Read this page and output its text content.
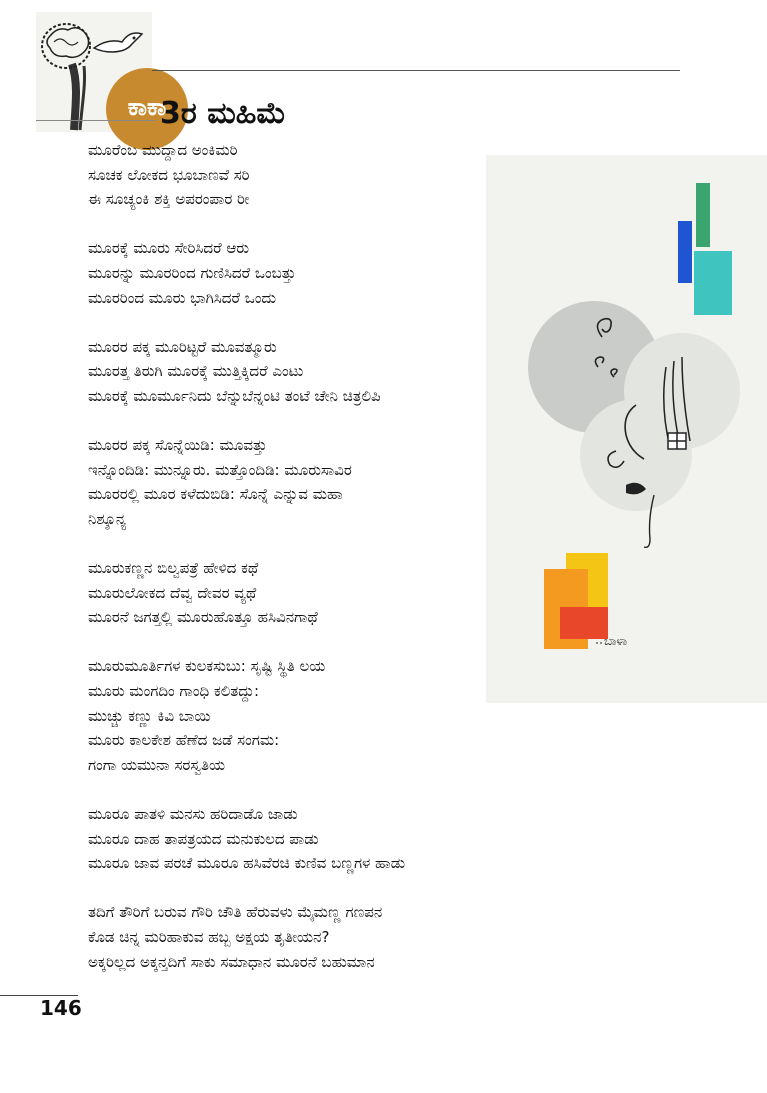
ಕಾಕಾ
3ರ ಮಹಿಮೆ
ಮೂರೆಂಬ ಮುದ್ದಾದ ಅಂಕಿಮರಿ
ಸೂಚಕ ಲೋಕದ ಭೂಬಾಣವೆ ಸರಿ
ಈ ಸೂಚ್ಯಂಕಿ ಶಕ್ತಿ ಅಪರಂಪಾರ ರೀ
ಮೂರಕ್ಕೆ ಮೂರು ಸೇರಿಸಿದರೆ ಆರು
ಮೂರನ್ನು ಮೂರರಿಂದ ಗುಣಿಸಿದರೆ ಒಂಬತ್ತು
ಮೂರರಿಂದ ಮೂರು ಭಾಗಿಸಿದರೆ ಒಂದು
ಮೂರರ ಪಕ್ಕ ಮೂರಿಟ್ಟರೆ ಮೂವತ್ಮೂರು
ಮೂರತ್ತ ತಿರುಗಿ ಮೂರಕ್ಕೆ ಮುತ್ತಿಕ್ಕಿದರೆ ಎಂಟು
ಮೂರಕ್ಕೆ ಮೂರ್ಮೂನಿದು ಬೆನ್ನುಬೆನ್ನಂಟಿ ತಂಟೆ ಚೇನಿ ಚಿತ್ರಲಿಪಿ
ಮೂರರ ಪಕ್ಕ ಸೊನ್ನೆಯಿಡಿ: ಮೂವತ್ತು
ಇನ್ನೊಂದಿಡಿ: ಮುನ್ನೂರು. ಮತ್ತೊಂದಿಡಿ: ಮೂರುಸಾವಿರ
ಮೂರರಲ್ಲಿ ಮೂರ ಕಳೆದುಬಿಡಿ: ಸೊನ್ನೆ ಎನ್ನುವ ಮಹಾ
ನಿಶ್ಶೂನ್ಯ
ಮೂರುಕಣ್ಣನ ಬಿಲ್ವಪತ್ರೆ ಹೇಳಿದ ಕಥೆ
ಮೂರುಲೋಕದ ದೆವ್ವ ದೇವರ ವ್ಯಥೆ
ಮೂರನೆ ಜಗತ್ತಲ್ಲಿ ಮೂರುಹೊತ್ತೂ ಹಸಿವಿನಗಾಥೆ
ಮೂರುಮೂರ್ತಿಗಳ ಕುಲಕಸುಬು: ಸೃಷ್ಟಿ ಸ್ಥಿತಿ ಲಯ
ಮೂರು ಮಂಗದಿಂ ಗಾಂಧಿ ಕಲಿತದ್ದು:
ಮುಚ್ಚು ಕಣ್ಣು ಕಿವಿ ಬಾಯಿ
ಮೂರು ಕಾಲಕೇಶ ಹೆಣೆದ ಜಡೆ ಸಂಗಮ:
ಗಂಗಾ ಯಮುನಾ ಸರಸ್ವತಿಯ
ಮೂರೂ ಪಾತಳಿ ಮನಸು ಹರಿದಾಡೊ ಜಾಡು
ಮೂರೂ ದಾಹ ತಾಪತ್ರಯದ ಮನುಕುಲದ ಪಾಡು
ಮೂರೂ ಜಾವ ಪರಚೆ ಮೂರೂ ಹಸಿವೆರಚಿ ಕುಣಿವ ಬಣ್ಣಗಳ ಹಾಡು
ತದಿಗೆ ತೌರಿಗೆ ಬರುವ ಗೌರಿ ಚೌತಿ ಹೆರುವಳು ಮೈಮಣ್ಣ ಗಣಪನ
ಕೊಡ ಚಿನ್ನ ಮರಿಹಾಕುವ ಹಬ್ಬ ಅಕ್ಷಯ ತೃತೀಯನ?
ಅಕ್ಕರಿಲ್ಲದ ಅಕ್ಕನ್ತದಿಗೆ ಸಾಕು ಸಮಾಧಾನ ಮೂರನೆ ಬಹುಮಾನ
ಬಾಳಾ
146
